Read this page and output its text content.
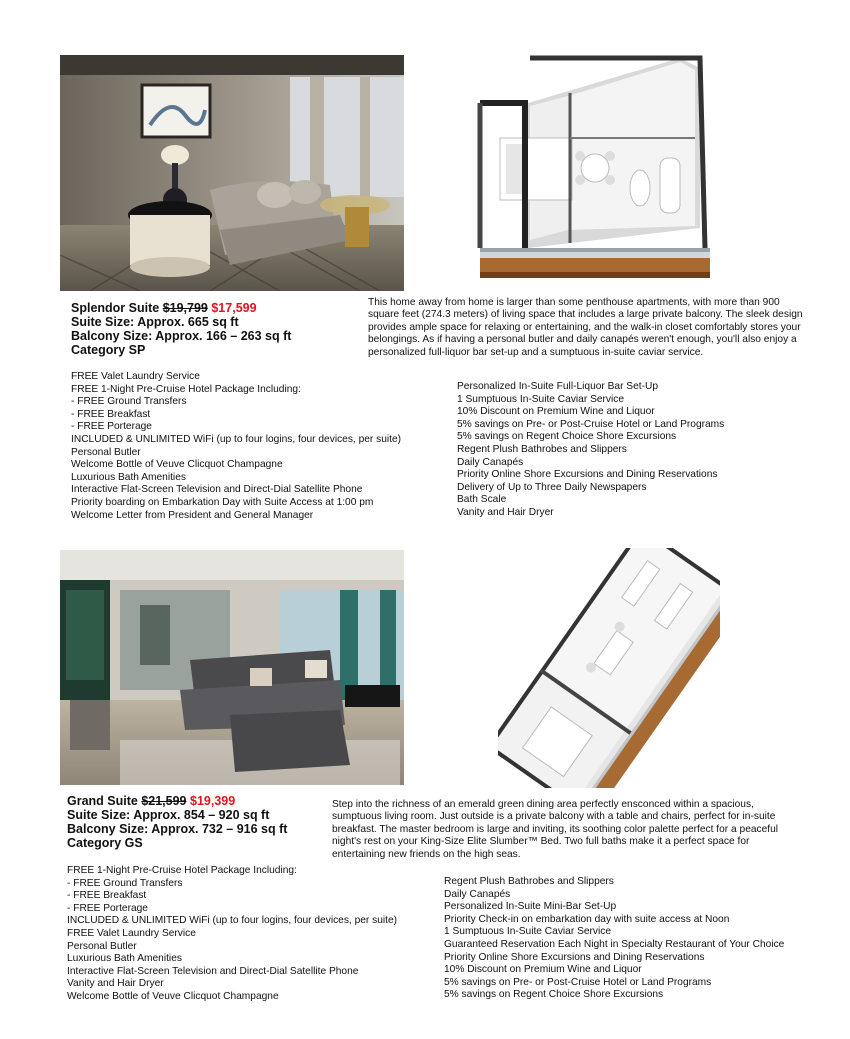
Splendor Suite $19,799 $17,599
Suite Size: Approx. 665 sq ft
Balcony Size: Approx. 166 – 263 sq ft
Category SP
This home away from home is larger than some penthouse apartments, with more than 900 square feet (274.3 meters) of living space that includes a large private balcony. The sleek design provides ample space for relaxing or entertaining, and the walk-in closet comfortably stores your belongings. As if having a personal butler and daily canapés weren't enough, you'll also enjoy a personalized full-liquor bar set-up and a sumptuous in-suite caviar service.
FREE Valet Laundry Service
FREE 1-Night Pre-Cruise Hotel Package Including:
- FREE Ground Transfers
- FREE Breakfast
- FREE Porterage
INCLUDED & UNLIMITED WiFi (up to four logins, four devices, per suite)
Personal Butler
Welcome Bottle of Veuve Clicquot Champagne
Luxurious Bath Amenities
Interactive Flat-Screen Television and Direct-Dial Satellite Phone
Priority boarding on Embarkation Day with Suite Access at 1:00 pm
Welcome Letter from President and General Manager
Personalized In-Suite Full-Liquor Bar Set-Up
1 Sumptuous In-Suite Caviar Service
10% Discount on Premium Wine and Liquor
5% savings on Pre- or Post-Cruise Hotel or Land Programs
5% savings on Regent Choice Shore Excursions
Regent Plush Bathrobes and Slippers
Daily Canapés
Priority Online Shore Excursions and Dining Reservations
Delivery of Up to Three Daily Newspapers
Bath Scale
Vanity and Hair Dryer
Grand Suite $21,599 $19,399
Suite Size: Approx. 854 – 920 sq ft
Balcony Size: Approx. 732 – 916 sq ft
Category GS
Step into the richness of an emerald green dining area perfectly ensconced within a spacious, sumptuous living room. Just outside is a private balcony with a table and chairs, perfect for in-suite breakfast. The master bedroom is large and inviting, its soothing color palette perfect for a peaceful night's rest on your King-Size Elite Slumber™ Bed. Two full baths make it a perfect space for entertaining new friends on the high seas.
FREE 1-Night Pre-Cruise Hotel Package Including:
- FREE Ground Transfers
- FREE Breakfast
- FREE Porterage
INCLUDED & UNLIMITED WiFi (up to four logins, four devices, per suite)
FREE Valet Laundry Service
Personal Butler
Luxurious Bath Amenities
Interactive Flat-Screen Television and Direct-Dial Satellite Phone
Vanity and Hair Dryer
Welcome Bottle of Veuve Clicquot Champagne
Regent Plush Bathrobes and Slippers
Daily Canapés
Personalized In-Suite Mini-Bar Set-Up
Priority Check-in on embarkation day with suite access at Noon
1 Sumptuous In-Suite Caviar Service
Guaranteed Reservation Each Night in Specialty Restaurant of Your Choice
Priority Online Shore Excursions and Dining Reservations
10% Discount on Premium Wine and Liquor
5% savings on Pre- or Post-Cruise Hotel or Land Programs
5% savings on Regent Choice Shore Excursions
